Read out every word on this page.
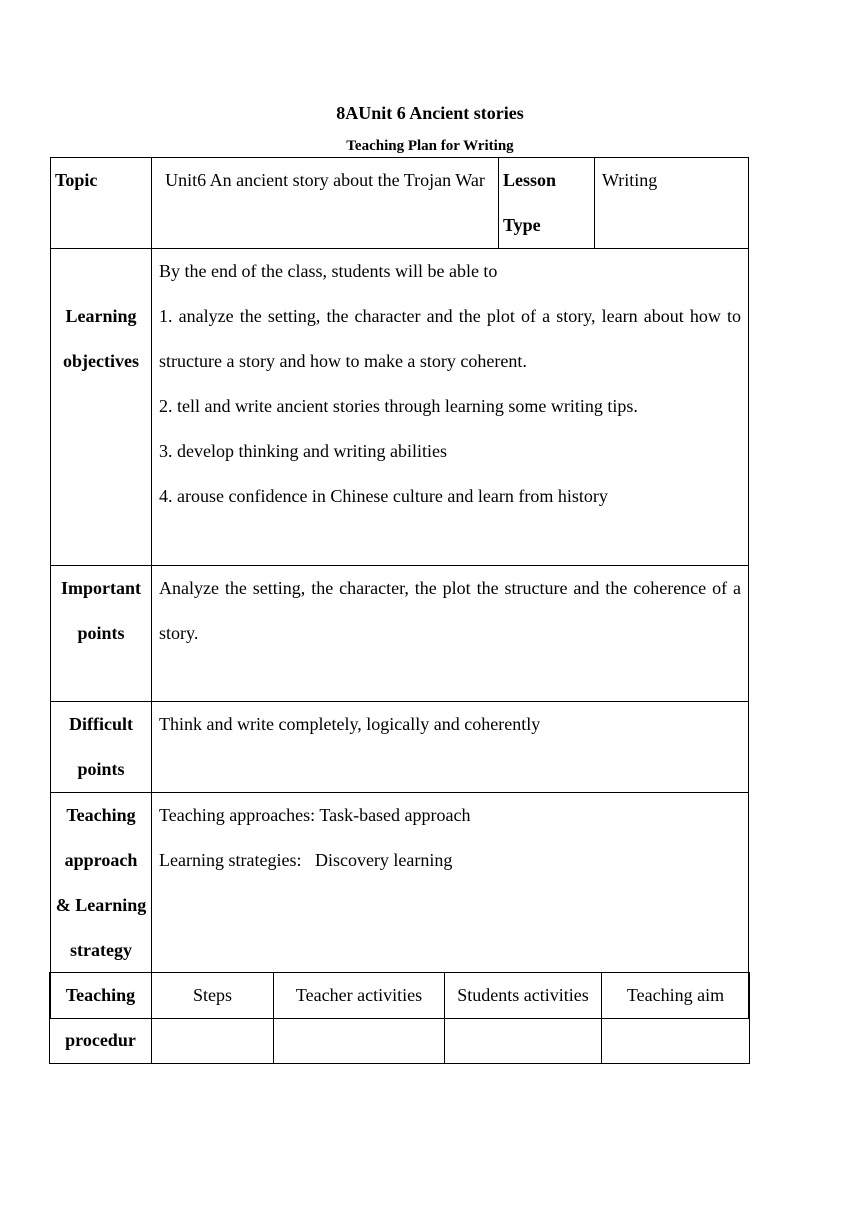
8AUnit 6 Ancient stories
Teaching Plan for Writing
Topic	Unit6 An ancient story about the Trojan War	Lesson Type	Writing
Learning objectives	By the end of the class, students will be able to
1. analyze the setting, the character and the plot of a story, learn about how to structure a story and how to make a story coherent.
2. tell and write ancient stories through learning some writing tips.
3. develop thinking and writing abilities
4. arouse confidence in Chinese culture and learn from history		

Important points	Analyze the setting, the character, the plot the structure and the coherence of a story.		
Difficult points	Think and write completely, logically and coherently		
Teaching approach & Learning strategy	Teaching approaches: Task-based approach
Learning strategies:   Discovery learning		
Teaching procedur	Steps	Teacher activities	Students activities	Teaching aim
